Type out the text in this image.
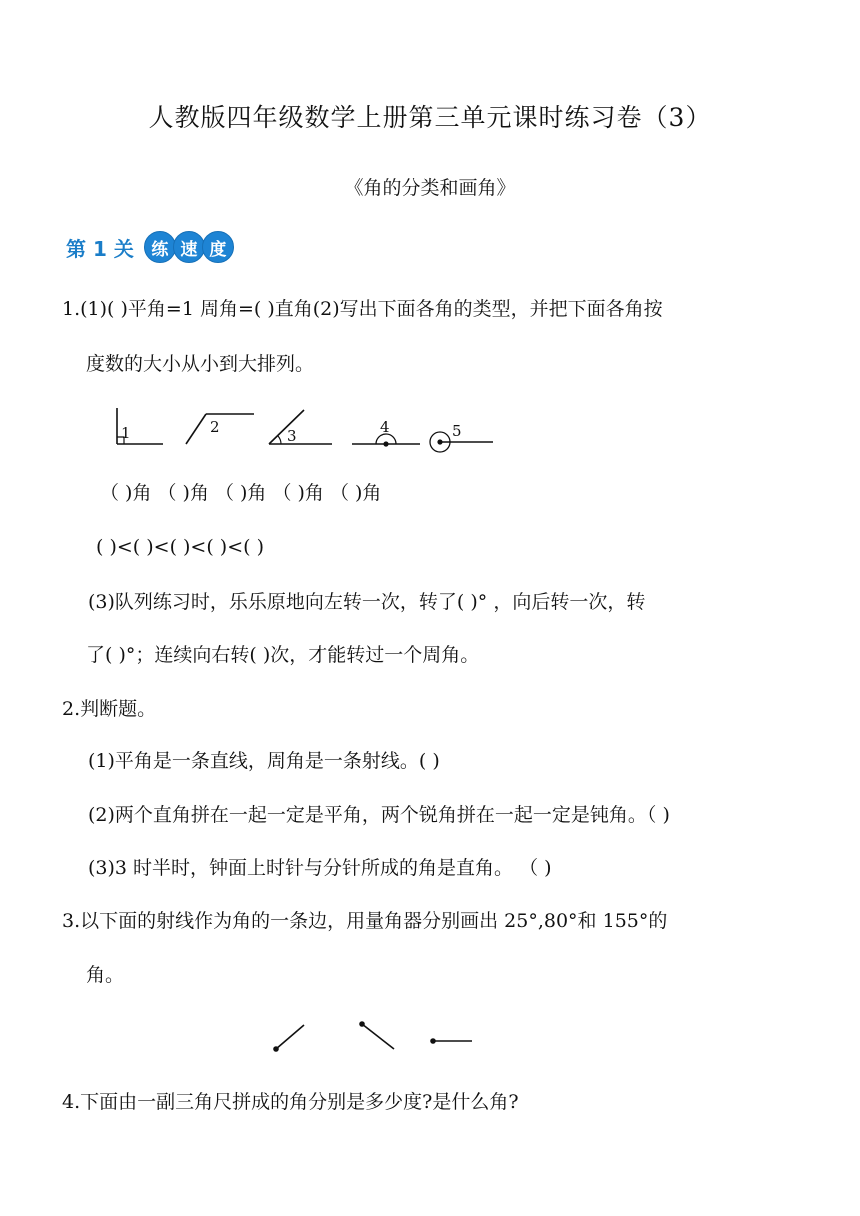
人教版四年级数学上册第三单元课时练习卷（3）
《角的分类和画角》
第 1 关	练 速 度
1.(1)( )平角=1 周角=( )直角(2)写出下面各角的类型，并把下面各角按
度数的大小从小到大排列。
1	2	3	4	5
（ )角 （ )角 （ )角 （ )角 （ )角
( )<( )<( )<( )<( )
(3)队列练习时，乐乐原地向左转一次，转了( )° ，向后转一次，转
了( )°；连续向右转( )次，才能转过一个周角。
2.判断题。
(1)平角是一条直线，周角是一条射线。( )
(2)两个直角拼在一起一定是平角，两个锐角拼在一起一定是钝角。（ )
(3)3 时半时，钟面上时针与分针所成的角是直角。 （ )
3.以下面的射线作为角的一条边，用量角器分别画出 25°,80°和 155°的
角。
4.下面由一副三角尺拼成的角分别是多少度?是什么角?
